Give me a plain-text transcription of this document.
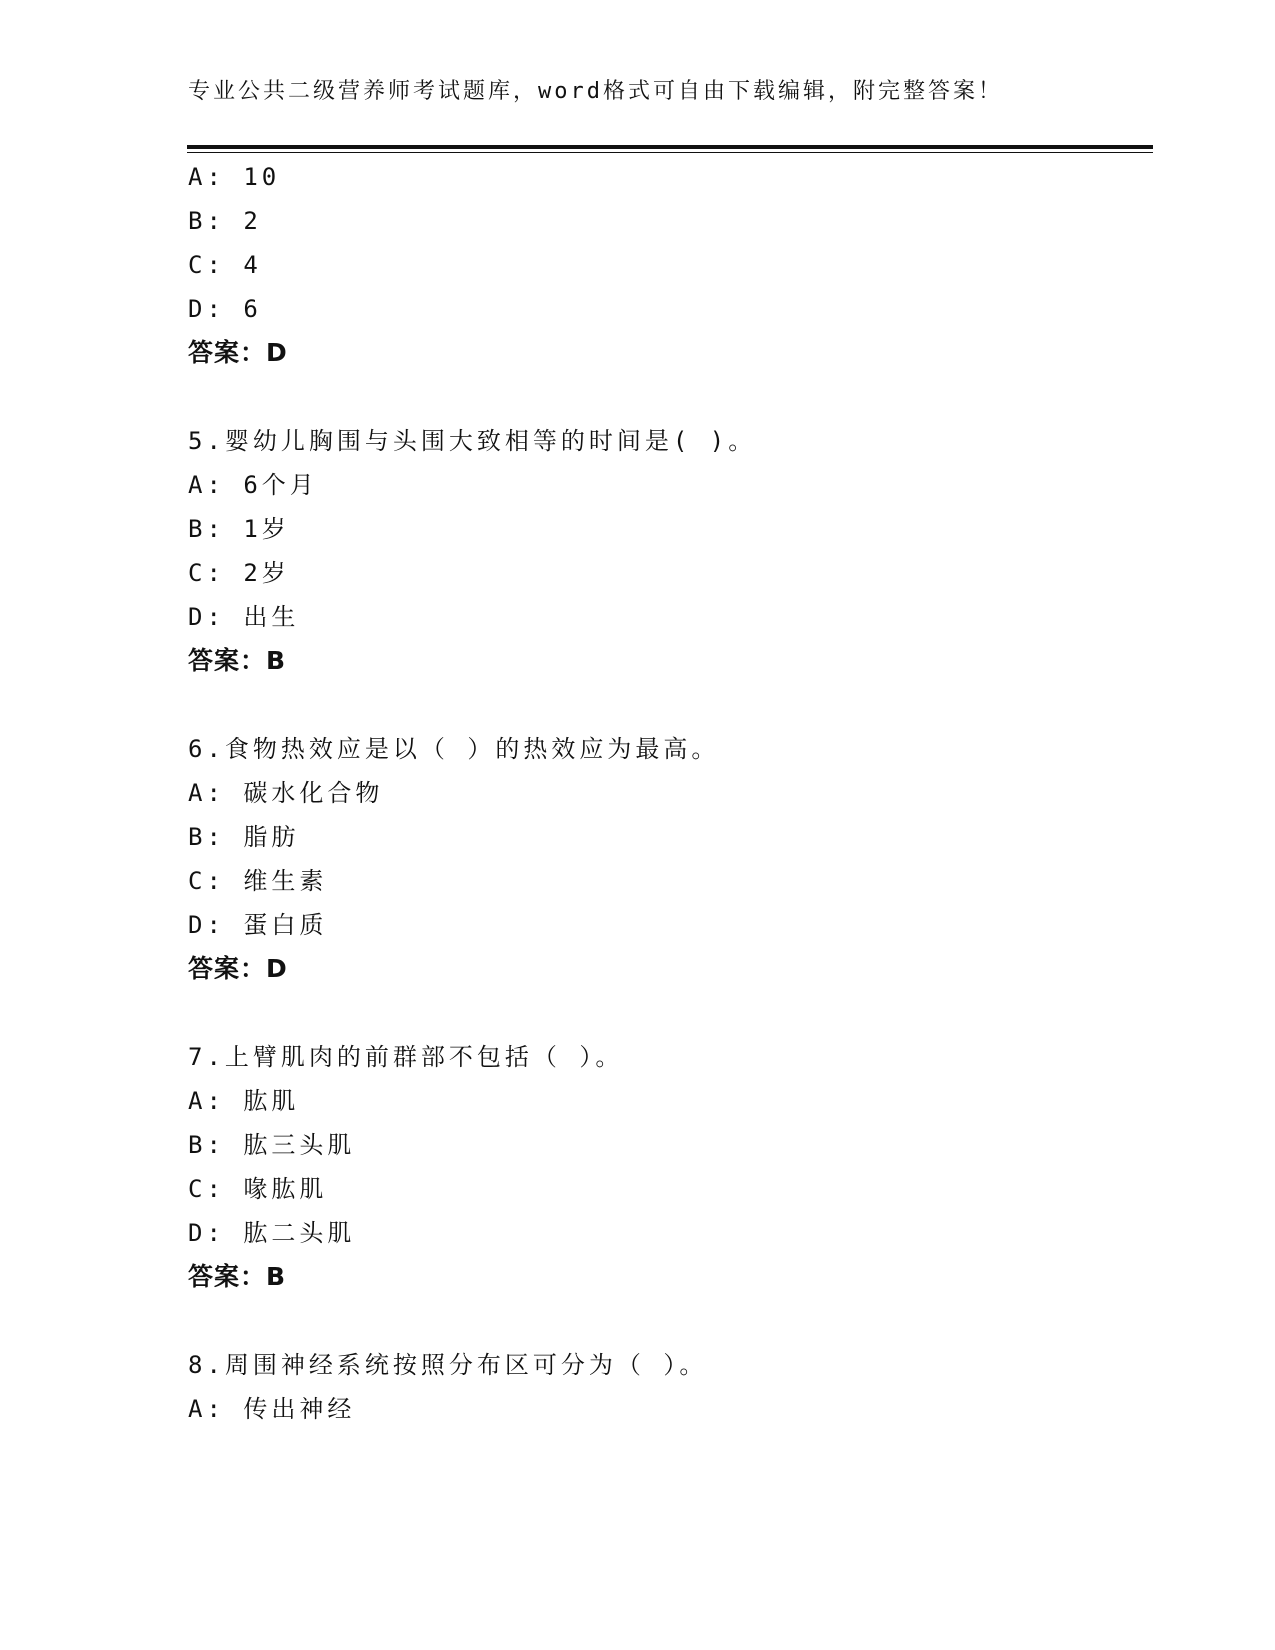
专业公共二级营养师考试题库，word格式可自由下载编辑，附完整答案！
A: 10
B: 2
C: 4
D: 6
答案：D
5.婴幼儿胸围与头围大致相等的时间是( )。
A: 6个月
B: 1岁
C: 2岁
D: 出生
答案：B
6.食物热效应是以（ ）的热效应为最高。
A: 碳水化合物
B: 脂肪
C: 维生素
D: 蛋白质
答案：D
7.上臂肌肉的前群部不包括（ ）。
A: 肱肌
B: 肱三头肌
C: 喙肱肌
D: 肱二头肌
答案：B
8.周围神经系统按照分布区可分为（ ）。
A: 传出神经
